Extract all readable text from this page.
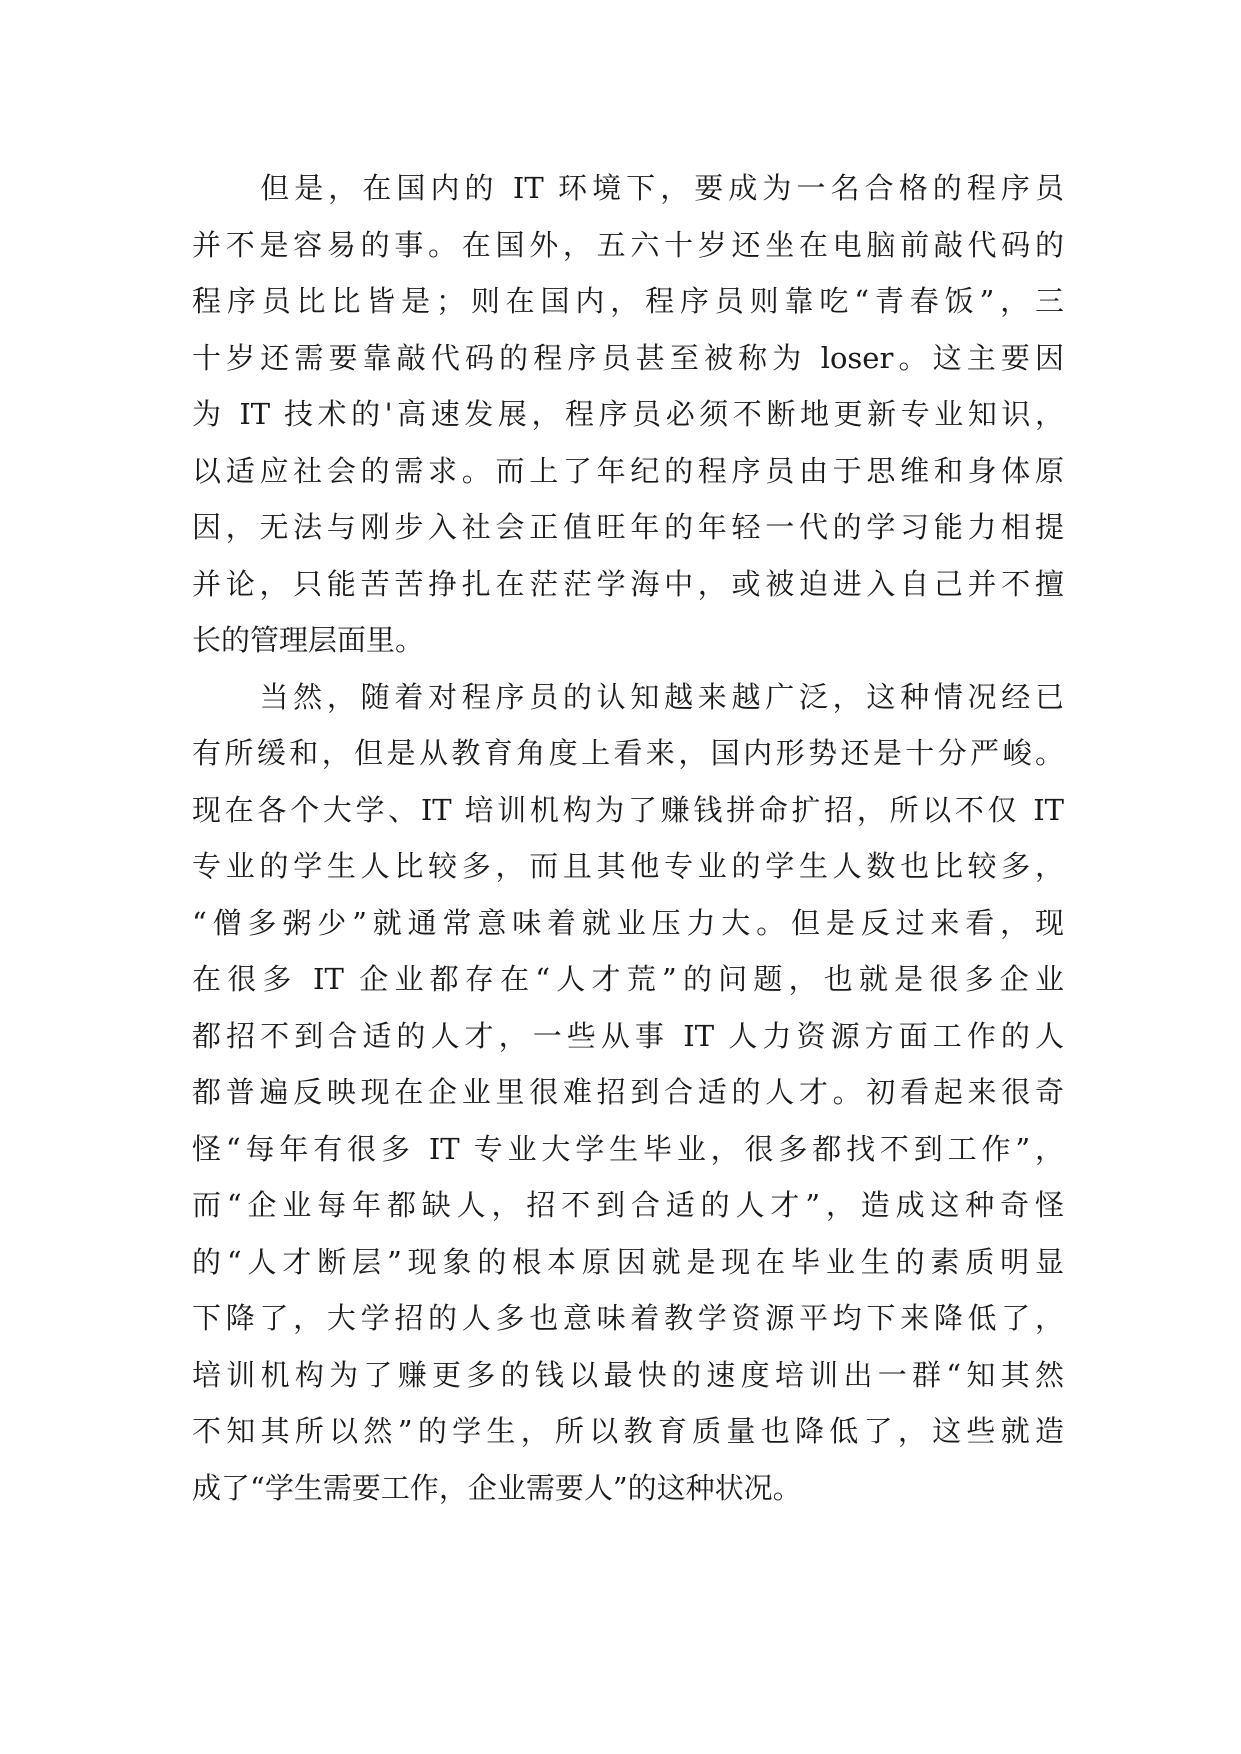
　　但是，在国内的 IT 环境下，要成为一名合格的程序员
并不是容易的事。在国外，五六十岁还坐在电脑前敲代码的
程序员比比皆是；则在国内，程序员则靠吃“青春饭”，三
十岁还需要靠敲代码的程序员甚至被称为 loser。这主要因
为 IT 技术的'高速发展，程序员必须不断地更新专业知识，
以适应社会的需求。而上了年纪的程序员由于思维和身体原
因，无法与刚步入社会正值旺年的年轻一代的学习能力相提
并论，只能苦苦挣扎在茫茫学海中，或被迫进入自己并不擅
长的管理层面里。
　　当然，随着对程序员的认知越来越广泛，这种情况经已
有所缓和，但是从教育角度上看来，国内形势还是十分严峻。
现在各个大学、IT 培训机构为了赚钱拼命扩招，所以不仅 IT
专业的学生人比较多，而且其他专业的学生人数也比较多，
“僧多粥少”就通常意味着就业压力大。但是反过来看，现
在很多 IT 企业都存在“人才荒”的问题，也就是很多企业
都招不到合适的人才，一些从事 IT 人力资源方面工作的人
都普遍反映现在企业里很难招到合适的人才。初看起来很奇
怪“每年有很多 IT 专业大学生毕业，很多都找不到工作”，
而“企业每年都缺人，招不到合适的人才”，造成这种奇怪
的“人才断层”现象的根本原因就是现在毕业生的素质明显
下降了，大学招的人多也意味着教学资源平均下来降低了，
培训机构为了赚更多的钱以最快的速度培训出一群“知其然
不知其所以然”的学生，所以教育质量也降低了，这些就造
成了“学生需要工作，企业需要人”的这种状况。
